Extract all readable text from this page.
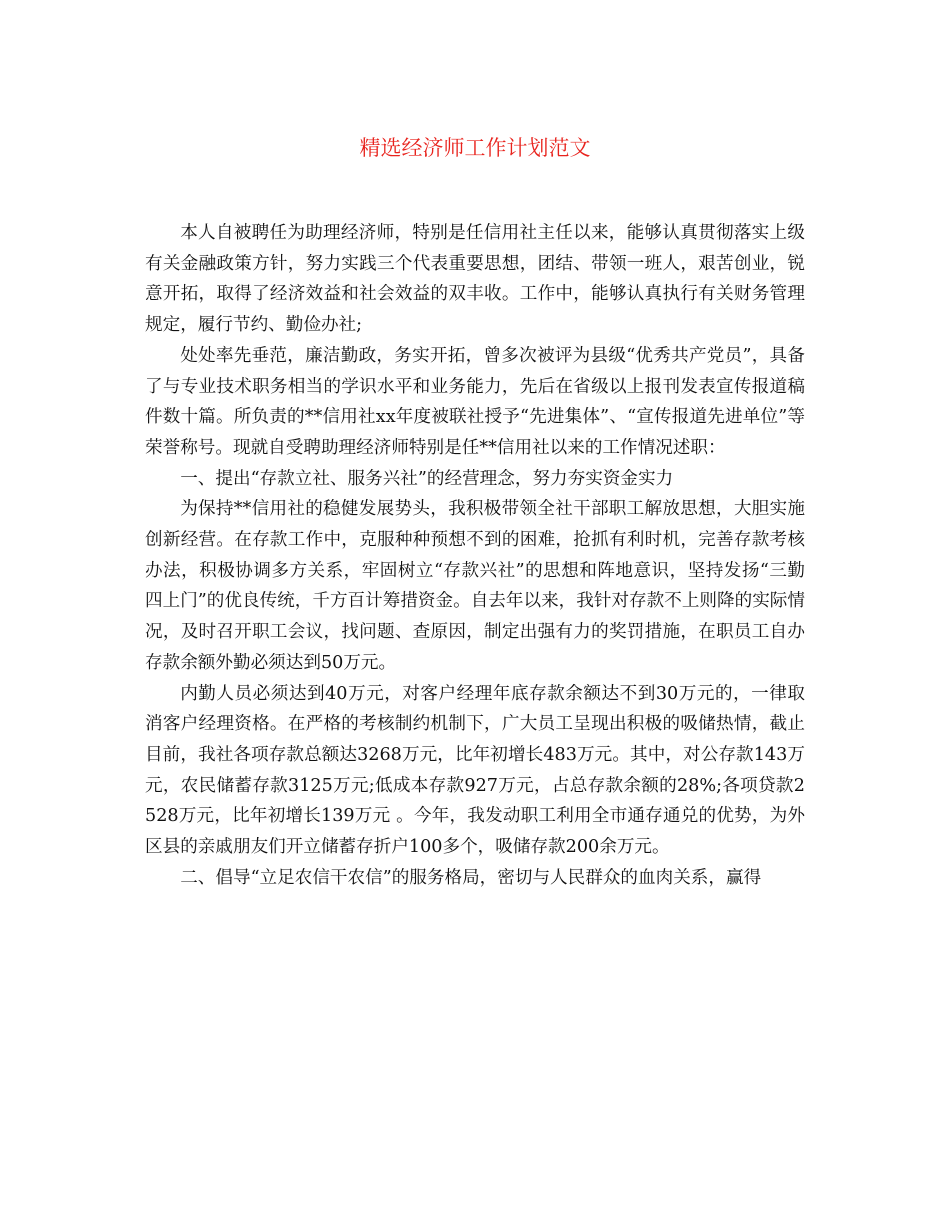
精选经济师工作计划范文

本人自被聘任为助理经济师，特别是任信用社主任以来，能够认真贯彻落实上级有关金融政策方针，努力实践三个代表重要思想，团结、带领一班人，艰苦创业，锐意开拓，取得了经济效益和社会效益的双丰收。工作中，能够认真执行有关财务管理规定，履行节约、勤俭办社;

处处率先垂范，廉洁勤政，务实开拓，曾多次被评为县级“优秀共产党员”，具备了与专业技术职务相当的学识水平和业务能力，先后在省级以上报刊发表宣传报道稿件数十篇。所负责的**信用社xx年度被联社授予“先进集体”、“宣传报道先进单位”等荣誉称号。现就自受聘助理经济师特别是任**信用社以来的工作情况述职：

一、提出“存款立社、服务兴社”的经营理念，努力夯实资金实力

为保持**信用社的稳健发展势头，我积极带领全社干部职工解放思想，大胆实施创新经营。在存款工作中，克服种种预想不到的困难，抢抓有利时机，完善存款考核办法，积极协调多方关系，牢固树立“存款兴社”的思想和阵地意识，坚持发扬“三勤四上门”的优良传统，千方百计筹措资金。自去年以来，我针对存款不上则降的实际情况，及时召开职工会议，找问题、查原因，制定出强有力的奖罚措施，在职员工自办存款余额外勤必须达到50万元。

内勤人员必须达到40万元，对客户经理年底存款余额达不到30万元的，一律取消客户经理资格。在严格的考核制约机制下，广大员工呈现出积极的吸储热情，截止目前，我社各项存款总额达3268万元，比年初增长483万元。其中，对公存款143万元，农民储蓄存款3125万元;低成本存款927万元，占总存款余额的28%;各项贷款2528万元，比年初增长139万元 。今年，我发动职工利用全市通存通兑的优势，为外区县的亲戚朋友们开立储蓄存折户100多个，吸储存款200余万元。

二、倡导“立足农信干农信”的服务格局，密切与人民群众的血肉关系，赢得
